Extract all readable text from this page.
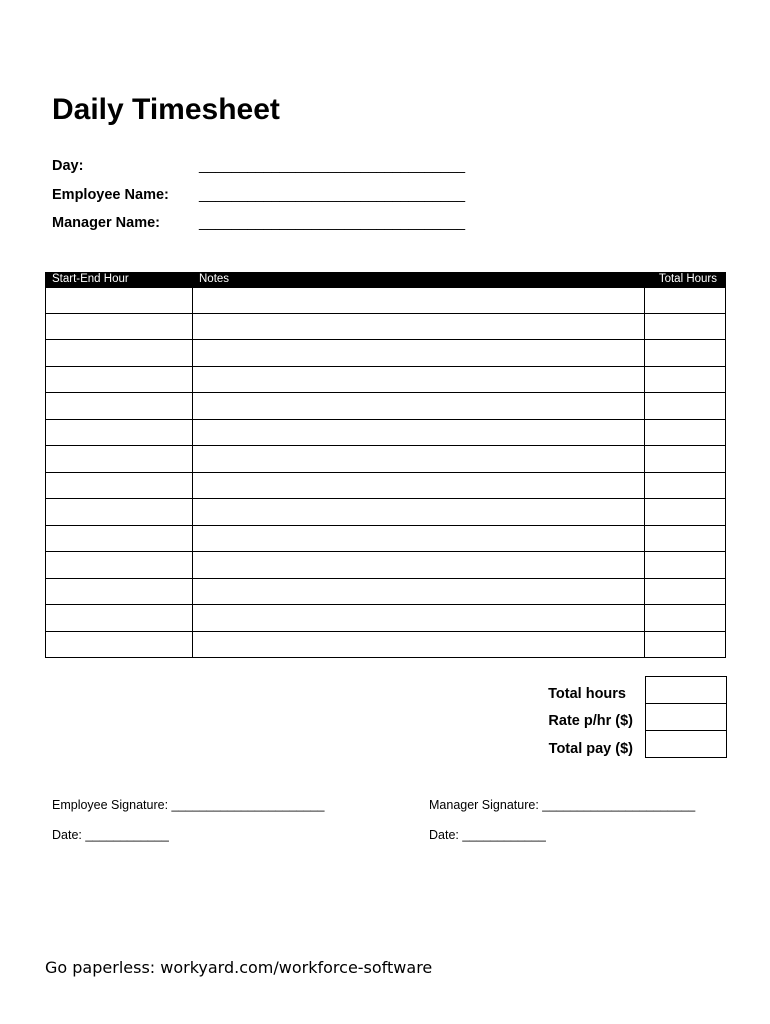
Daily Timesheet
Day:	_________________________________
Employee Name: _________________________________
Manager Name:	_________________________________
Start-End Hour	Notes	Total Hours
Total hours
Rate p/hr ($)
Total pay ($)
Employee Signature: ______________________
Date: ____________
Manager Signature: ______________________
Date: ____________
Go paperless: workyard.com/workforce-software
